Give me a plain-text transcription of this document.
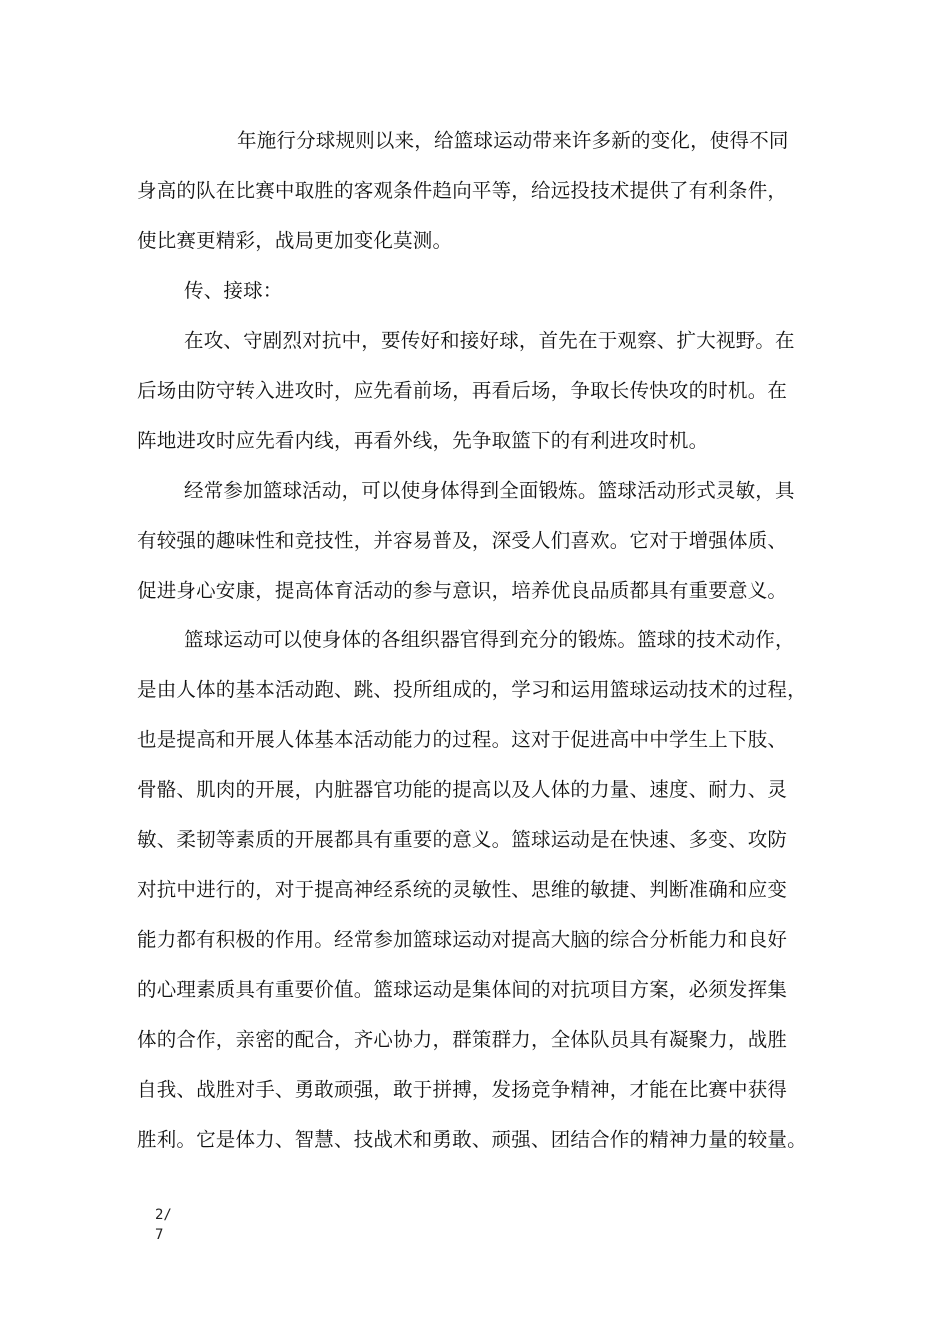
年施行分球规则以来，给篮球运动带来许多新的变化，使得不同
身高的队在比赛中取胜的客观条件趋向平等，给远投技术提供了有利条件，
使比赛更精彩，战局更加变化莫测。
传、接球：
在攻、守剧烈对抗中，要传好和接好球，首先在于观察、扩大视野。在
后场由防守转入进攻时，应先看前场，再看后场，争取长传快攻的时机。在
阵地进攻时应先看内线，再看外线，先争取篮下的有利进攻时机。
经常参加篮球活动，可以使身体得到全面锻炼。篮球活动形式灵敏，具
有较强的趣味性和竞技性，并容易普及，深受人们喜欢。它对于增强体质、
促进身心安康，提高体育活动的参与意识，培养优良品质都具有重要意义。
篮球运动可以使身体的各组织器官得到充分的锻炼。篮球的技术动作，
是由人体的基本活动跑、跳、投所组成的，学习和运用篮球运动技术的过程，
也是提高和开展人体基本活动能力的过程。这对于促进高中中学生上下肢、
骨骼、肌肉的开展，内脏器官功能的提高以及人体的力量、速度、耐力、灵
敏、柔韧等素质的开展都具有重要的意义。篮球运动是在快速、多变、攻防
对抗中进行的，对于提高神经系统的灵敏性、思维的敏捷、判断准确和应变
能力都有积极的作用。经常参加篮球运动对提高大脑的综合分析能力和良好
的心理素质具有重要价值。篮球运动是集体间的对抗项目方案，必须发挥集
体的合作，亲密的配合，齐心协力，群策群力，全体队员具有凝聚力，战胜
自我、战胜对手、勇敢顽强，敢于拼搏，发扬竞争精神，才能在比赛中获得
胜利。它是体力、智慧、技战术和勇敢、顽强、团结合作的精神力量的较量。
2/
7
